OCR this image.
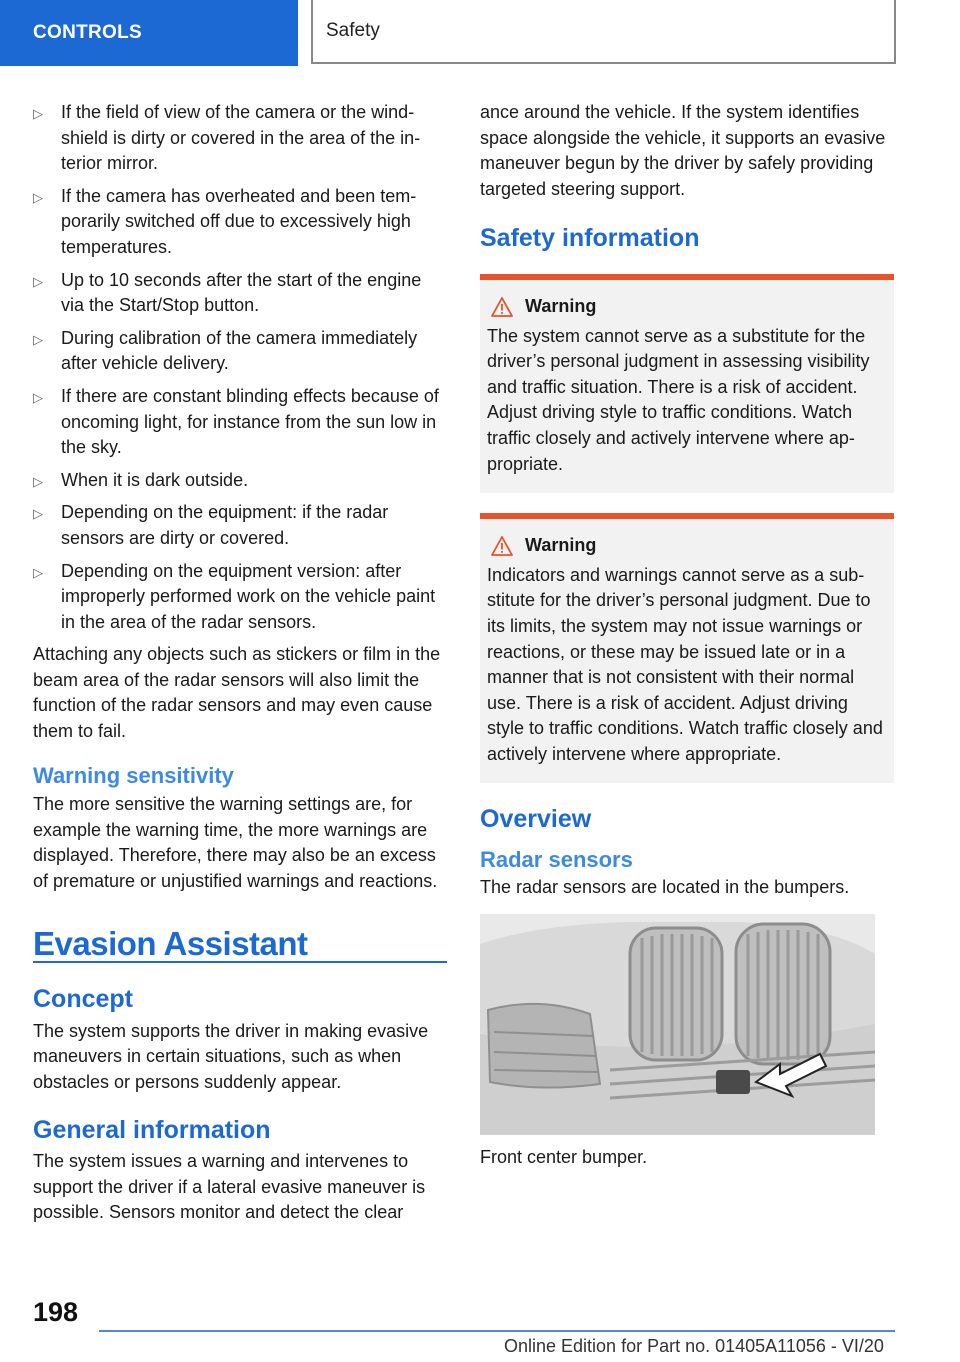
CONTROLS	Safety
▷	If the field of view of the camera or the windshield is dirty or covered in the area of the interior mirror.
▷	If the camera has overheated and been temporarily switched off due to excessively high temperatures.
▷	Up to 10 seconds after the start of the engine via the Start/Stop button.
▷	During calibration of the camera immediately after vehicle delivery.
▷	If there are constant blinding effects because of oncoming light, for instance from the sun low in the sky.
▷	When it is dark outside.
▷	Depending on the equipment: if the radar sensors are dirty or covered.
▷	Depending on the equipment version: after improperly performed work on the vehicle paint in the area of the radar sensors.

Attaching any objects such as stickers or film in the beam area of the radar sensors will also limit the function of the radar sensors and may even cause them to fail.

Warning sensitivity

The more sensitive the warning settings are, for example the warning time, the more warnings are displayed. Therefore, there may also be an excess of premature or unjustified warnings and reactions.

Evasion Assistant
Concept

The system supports the driver in making evasive maneuvers in certain situations, such as when obstacles or persons suddenly appear.

General information

The system issues a warning and intervenes to support the driver if a lateral evasive maneuver is possible. Sensors monitor and detect the clear

ance around the vehicle. If the system identifies space alongside the vehicle, it supports an evasive maneuver begun by the driver by safely providing targeted steering support.

Safety information
Warning

The system cannot serve as a substitute for the driver’s personal judgment in assessing visibility and traffic situation. There is a risk of accident. Adjust driving style to traffic conditions. Watch traffic closely and actively intervene where appropriate.

Warning

Indicators and warnings cannot serve as a substitute for the driver’s personal judgment. Due to its limits, the system may not issue warnings or reactions, or these may be issued late or in a manner that is not consistent with their normal use. There is a risk of accident. Adjust driving style to traffic conditions. Watch traffic closely and actively intervene where appropriate.

Overview
Radar sensors

The radar sensors are located in the bumpers.

Front center bumper.

198
Online Edition for Part no. 01405A11056 - VI/20
